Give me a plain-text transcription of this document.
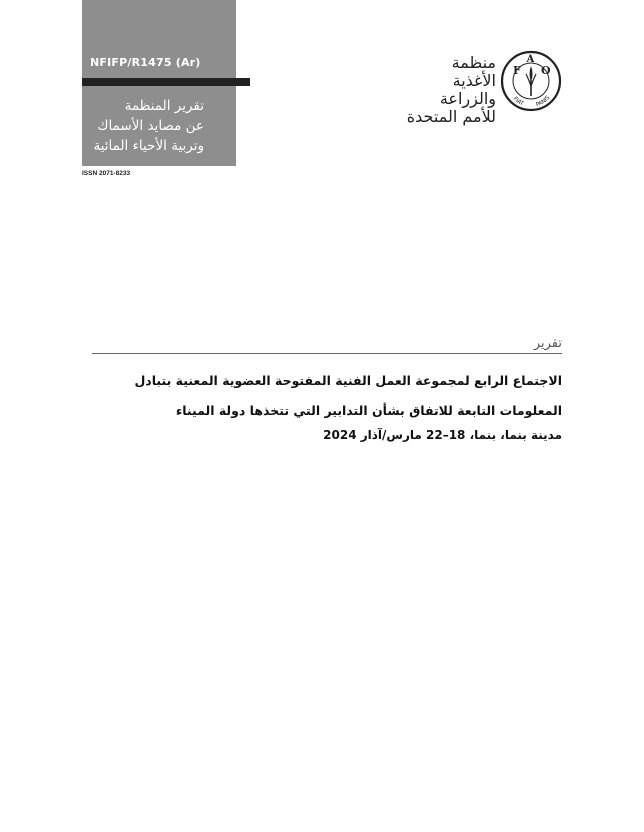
NFIFP/R1475 (Ar)
تقرير المنظمة
عن مصايد الأسماك
وتربية الأحياء المائية
ISSN 2071-8233
منظمة
الأغذية والزراعة
للأمم المتحدة
F
A
O
FIAT PANIS
تقرير
الاجتماع الرابع لمجموعة العمل الفنية المفتوحة العضوية المعنية بتبادل المعلومات التابعة للاتفاق بشأن التدابير التي تتخذها دولة الميناء
مدينة بنما، بنما، 18–22 مارس/آذار 2024
